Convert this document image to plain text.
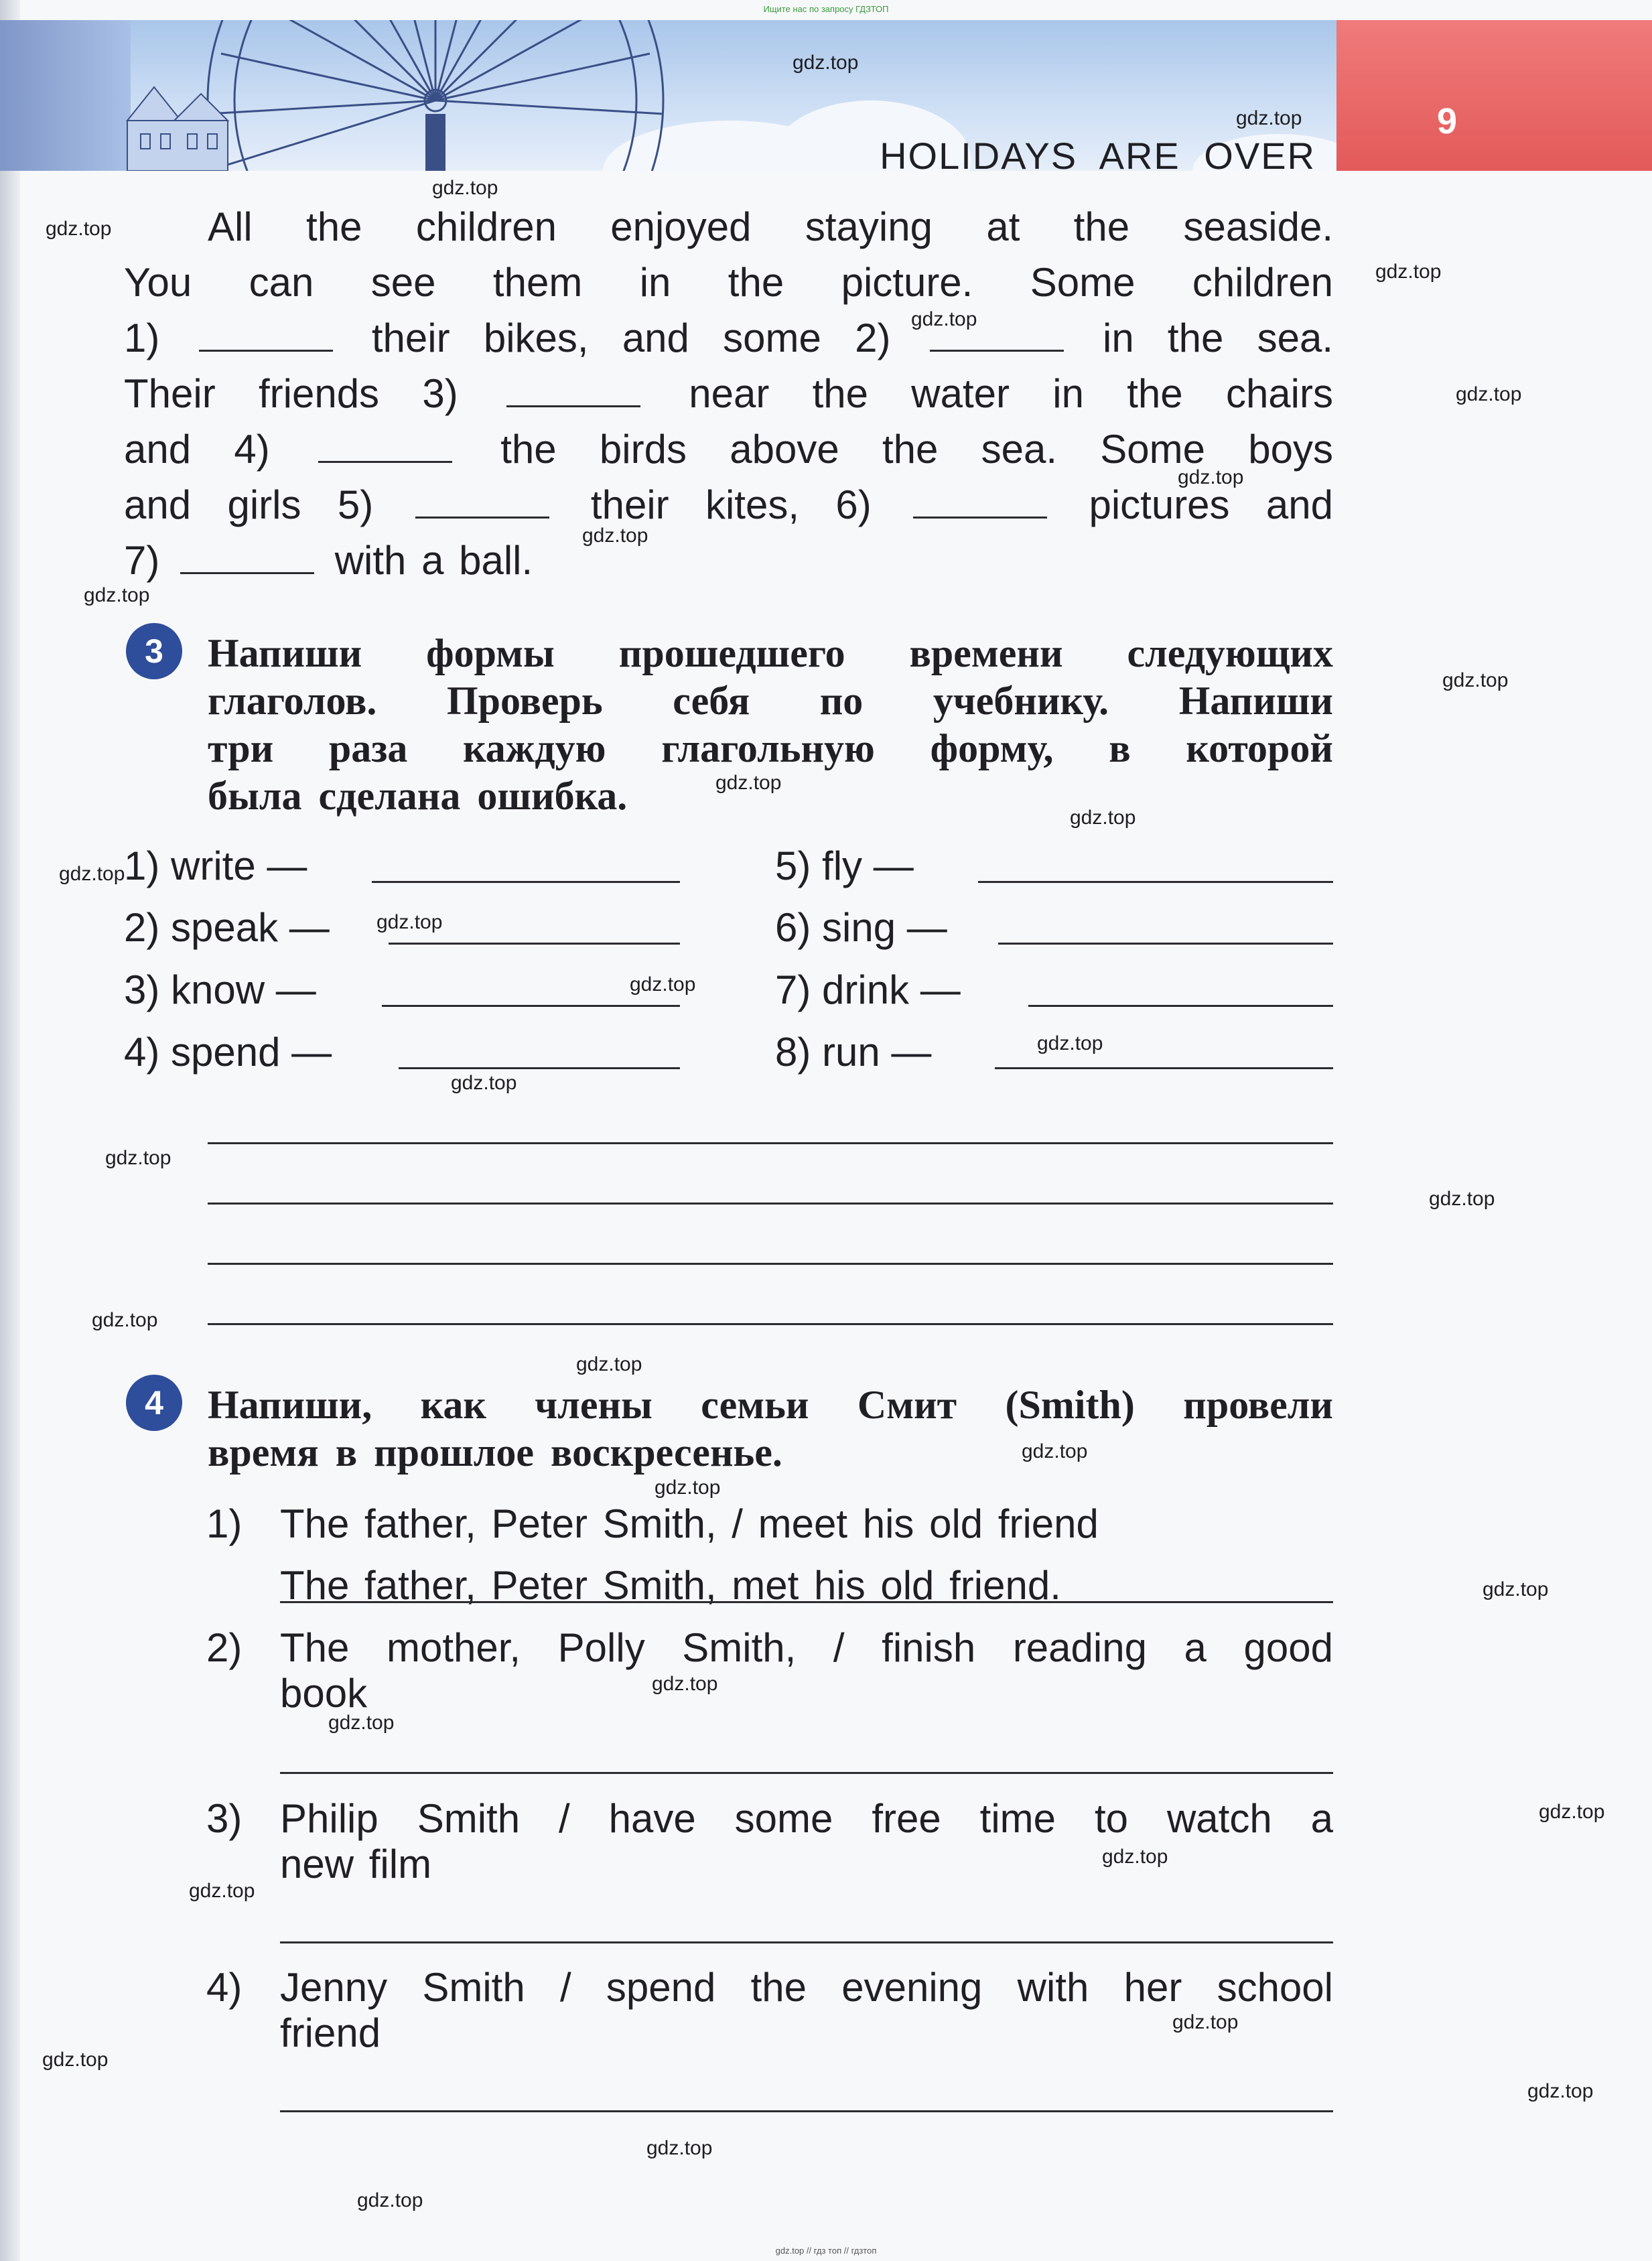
Ищите нас по запросу ГДЗТОП
9
HOLIDAYS ARE OVER
All the children enjoyed staying at the seaside.
You can see them in the picture. Some children
1)	their bikes, and some 2)	in the sea.
Their friends 3)	near the water in the chairs
and 4)	the birds above the sea. Some boys
and girls 5)	their kites, 6)	pictures and
7)	with a ball.
3	Напиши формы прошедшего времени следующих
глаголов. Проверь себя по учебнику. Напиши
три раза каждую глагольную форму, в которой
была сделана ошибка.
1) write —
2) speak —
3) know —
4) spend —
5) fly —
6) sing —
7) drink —
8) run —
4	Напиши, как члены семьи Смит (Smith) провели
время в прошлое воскресенье.
1) The father, Peter Smith, / meet his old friend
The father, Peter Smith, met his old friend.
2) The mother, Polly Smith, / finish reading a good
book
3) Philip Smith / have some free time to watch a
new film
4) Jenny Smith / spend the evening with her school
friend
gdz.top
gdz.top
gdz.top
gdz.top
gdz.top
gdz.top
gdz.top
gdz.top
gdz.top
gdz.top
gdz.top
gdz.top
gdz.top
gdz.top
gdz.top
gdz.top
gdz.top
gdz.top
gdz.top
gdz.top
gdz.top
gdz.top
gdz.top
gdz.top
gdz.top
gdz.top
gdz.top
gdz.top
gdz.top
gdz.top
gdz.top
gdz.top
gdz.top
gdz.top
gdz.top
gdz.top // гдз топ // гдзтоп
